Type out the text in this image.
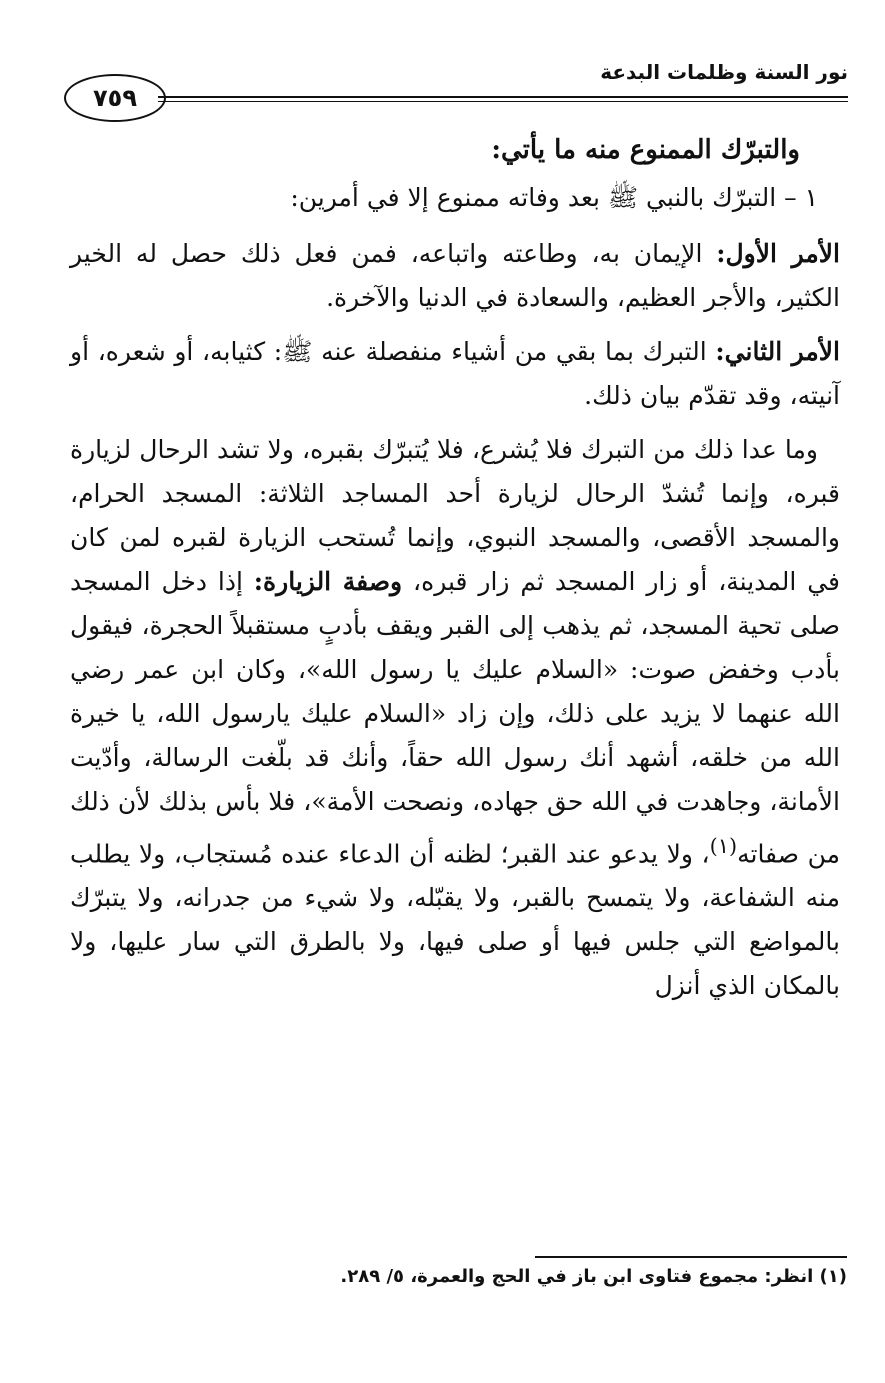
نور السنة وظلمات البدعة
٧٥٩

والتبرّك الممنوع منه ما يأتي:

١ – التبرّك بالنبي ﷺ بعد وفاته ممنوع إلا في أمرين:

الأمر الأول: الإيمان به، وطاعته واتباعه، فمن فعل ذلك حصل له الخير الكثير، والأجر العظيم، والسعادة في الدنيا والآخرة.

الأمر الثاني: التبرك بما بقي من أشياء منفصلة عنه ﷺ: كثيابه، أو شعره، أو آنيته، وقد تقدّم بيان ذلك.

وما عدا ذلك من التبرك فلا يُشرع، فلا يُتبرّك بقبره، ولا تشد الرحال لزيارة قبره، وإنما تُشدّ الرحال لزيارة أحد المساجد الثلاثة: المسجد الحرام، والمسجد الأقصى، والمسجد النبوي، وإنما تُستحب الزيارة لقبره لمن كان في المدينة، أو زار المسجد ثم زار قبره، وصفة الزيارة: إذا دخل المسجد صلى تحية المسجد، ثم يذهب إلى القبر ويقف بأدبٍ مستقبلاً الحجرة، فيقول بأدب وخفض صوت: «السلام عليك يا رسول الله»، وكان ابن عمر رضي الله عنهما لا يزيد على ذلك، وإن زاد «السلام عليك يارسول الله، يا خيرة الله من خلقه، أشهد أنك رسول الله حقاً، وأنك قد بلّغت الرسالة، وأدّيت الأمانة، وجاهدت في الله حق جهاده، ونصحت الأمة»، فلا بأس بذلك لأن ذلك من صفاته$^{(١)}$، ولا يدعو عند القبر؛ لظنه أن الدعاء عنده مُستجاب، ولا يطلب منه الشفاعة، ولا يتمسح بالقبر، ولا يقبّله، ولا شيء من جدرانه، ولا يتبرّك بالمواضع التي جلس فيها أو صلى فيها، ولا بالطرق التي سار عليها، ولا بالمكان الذي أنزل

(١) انظر: مجموع فتاوى ابن باز في الحج والعمرة، ٥/ ٢٨٩.
